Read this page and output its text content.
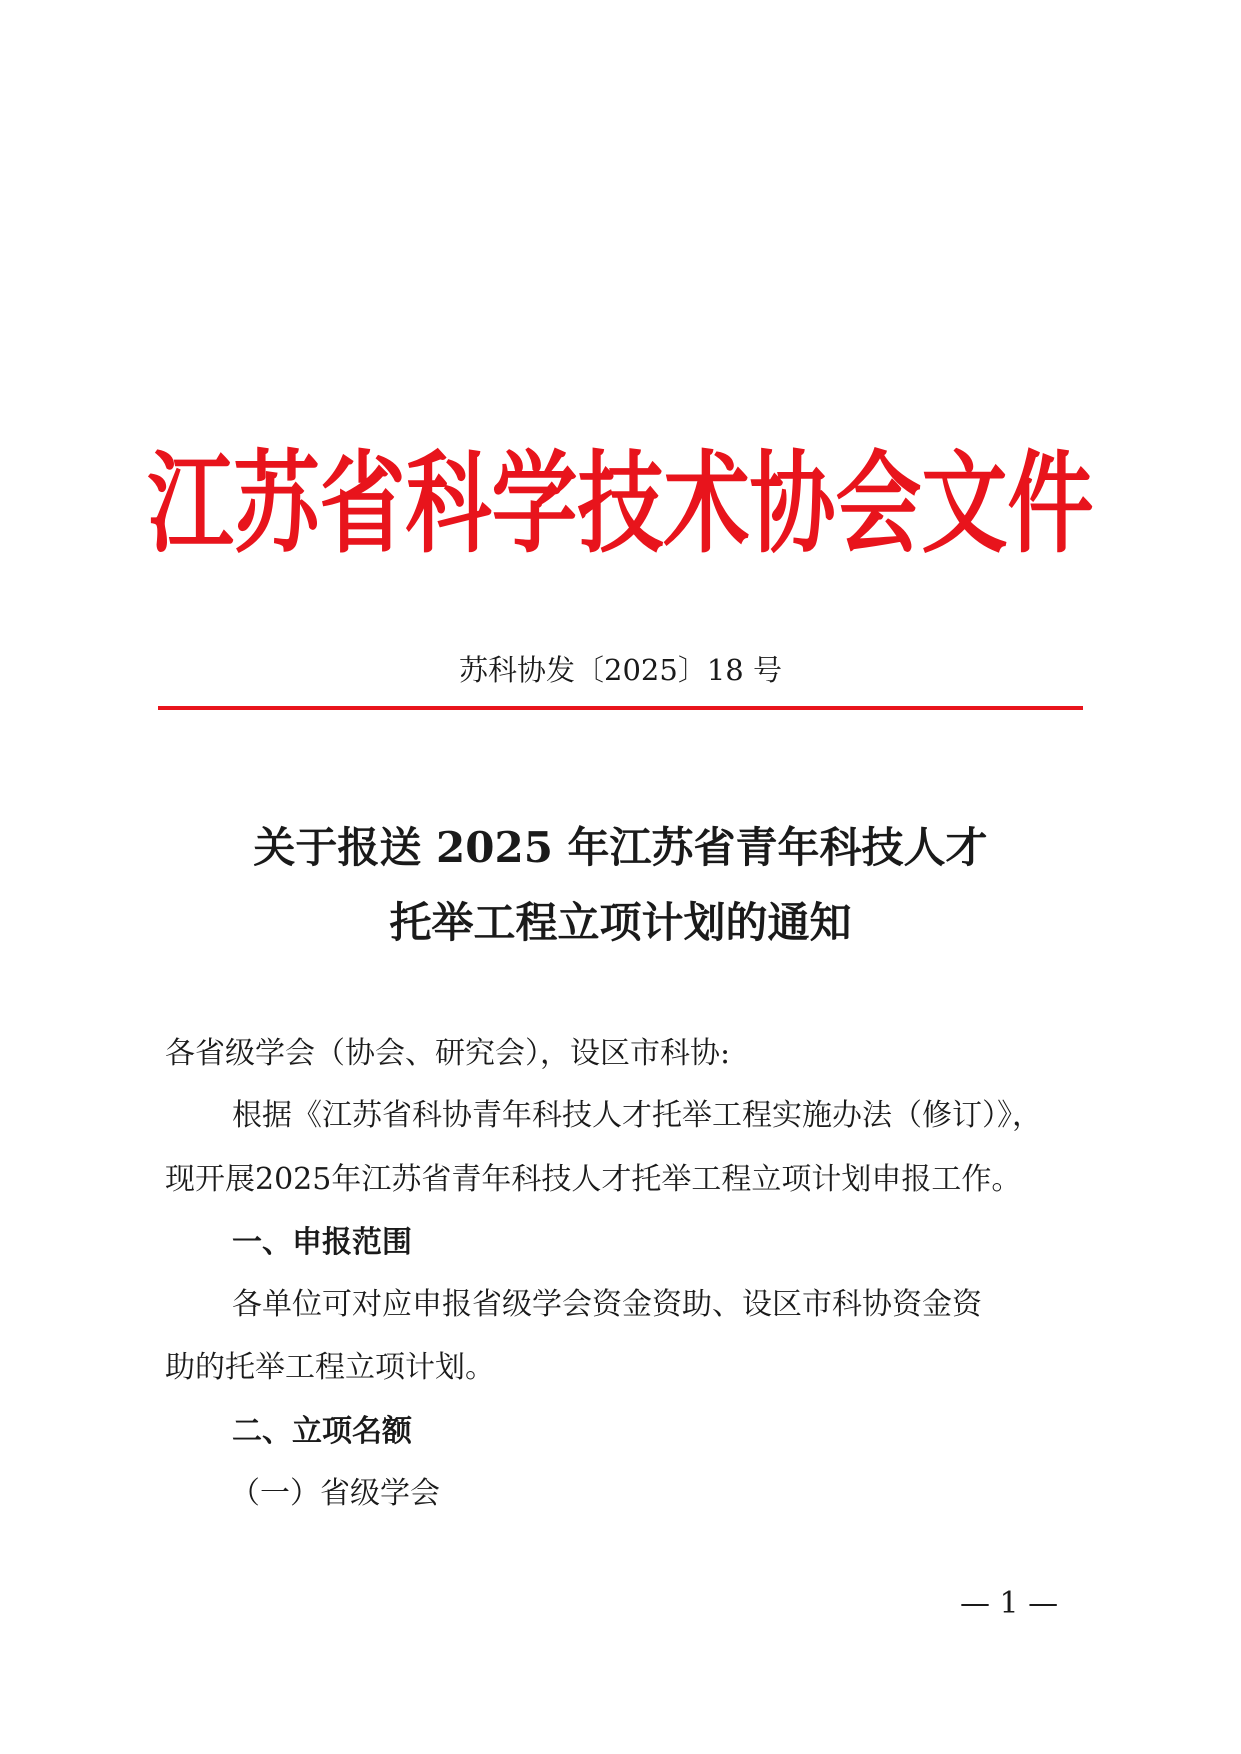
江苏省科学技术协会文件
苏科协发〔2025〕18 号
关于报送 2025 年江苏省青年科技人才
托举工程立项计划的通知
各省级学会（协会、研究会），设区市科协:
根据《江苏省科协青年科技人才托举工程实施办法（修订）》，
现开展2025年江苏省青年科技人才托举工程立项计划申报工作。
一、申报范围
各单位可对应申报省级学会资金资助、设区市科协资金资
助的托举工程立项计划。
二、立项名额
（一）省级学会
— 1 —
